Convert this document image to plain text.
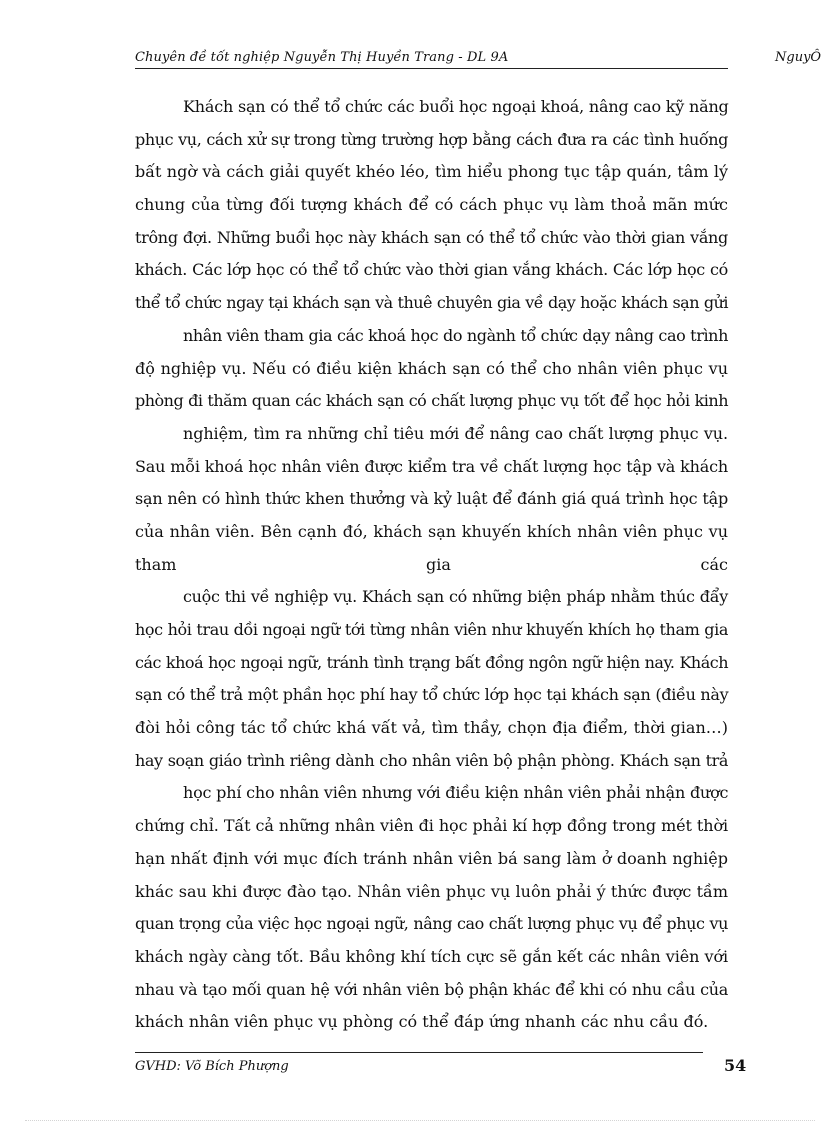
Chuyên đề tốt nghiệp Nguyễn Thị Huyền Trang - DL 9A	NguyÔ
Khách sạn có thể tổ chức các buổi học ngoại khoá, nâng cao kỹ năng
phục vụ, cách xử sự trong từng trường hợp bằng cách đưa ra các tình huống
bất ngờ và cách giải quyết khéo léo, tìm hiểu phong tục tập quán, tâm lý
chung của từng đối tượng khách để có cách phục vụ làm thoả mãn mức
trông đợi. Những buổi học này khách sạn có thể tổ chức vào thời gian vắng
khách. Các lớp học có thể tổ chức vào thời gian vắng khách. Các lớp học có
thể tổ chức ngay tại khách sạn và thuê chuyên gia về dạy hoặc khách sạn gửi
nhân viên tham gia các khoá học do ngành tổ chức dạy nâng cao trình
độ nghiệp vụ. Nếu có điều kiện khách sạn có thể cho nhân viên phục vụ
phòng đi thăm quan các khách sạn có chất lượng phục vụ tốt để học hỏi kinh
nghiệm, tìm ra những chỉ tiêu mới để nâng cao chất lượng phục vụ.
Sau mỗi khoá học nhân viên được kiểm tra về chất lượng học tập và khách
sạn nên có hình thức khen thưởng và kỷ luật để đánh giá quá trình học tập
của nhân viên. Bên cạnh đó, khách sạn khuyến khích nhân viên phục vụ
tham gia các
cuộc thi về nghiệp vụ. Khách sạn có những biện pháp nhằm thúc đẩy
học hỏi trau dồi ngoại ngữ tới từng nhân viên như khuyến khích họ tham gia
các khoá học ngoại ngữ, tránh tình trạng bất đồng ngôn ngữ hiện nay. Khách
sạn có thể trả một phần học phí hay tổ chức lớp học tại khách sạn (điều này
đòi hỏi công tác tổ chức khá vất vả, tìm thầy, chọn địa điểm, thời gian…)
hay soạn giáo trình riêng dành cho nhân viên bộ phận phòng. Khách sạn trả
học phí cho nhân viên nhưng với điều kiện nhân viên phải nhận được
chứng chỉ. Tất cả những nhân viên đi học phải kí hợp đồng trong mét thời
hạn nhất định với mục đích tránh nhân viên bá sang làm ở doanh nghiệp
khác sau khi được đào tạo. Nhân viên phục vụ luôn phải ý thức được tầm
quan trọng của việc học ngoại ngữ, nâng cao chất lượng phục vụ để phục vụ
khách ngày càng tốt. Bầu không khí tích cực sẽ gắn kết các nhân viên với
nhau và tạo mối quan hệ với nhân viên bộ phận khác để khi có nhu cầu của
khách nhân viên phục vụ phòng có thể đáp ứng nhanh các nhu cầu đó.
GVHD: Võ Bích Phượng	54
